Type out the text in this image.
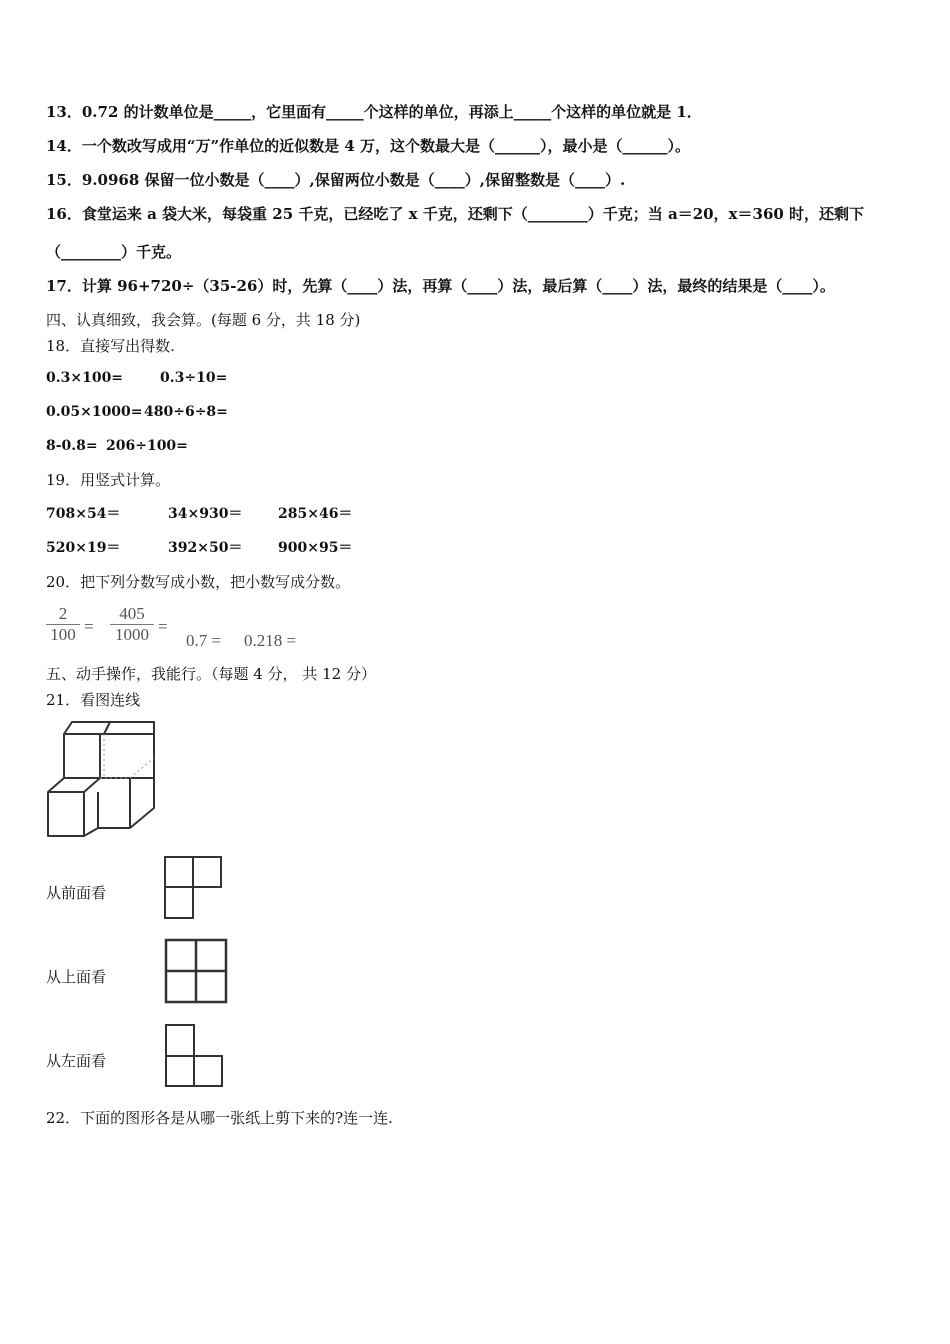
13．0.72 的计数单位是_____，它里面有_____个这样的单位，再添上_____个这样的单位就是 1．
14．一个数改写成用“万”作单位的近似数是 4 万，这个数最大是（______），最小是（______）。
15．9.0968 保留一位小数是（____）,保留两位小数是（____）,保留整数是（____）.
16．食堂运来 a 袋大米，每袋重 25 千克，已经吃了 x 千克，还剩下（________）千克；当 a＝20，x＝360 时，还剩下
（________）千克。
17．计算 96+720÷（35-26）时，先算（____）法，再算（____）法，最后算（____）法，最终的结果是（____）。
四、认真细致，我会算。(每题 6 分，共 18 分)
18．直接写出得数.
0.3×100=	0.3÷10=
0.05×1000= 480÷6÷8=
8-0.8= 206÷100=
19．用竖式计算。
708×54＝	34×930＝	285×46＝
520×19＝	392×50＝	900×95＝
20．把下列分数写成小数，把小数写成分数。
2
100 =
405
1000 =
0.7 = 0.218 =
五、动手操作，我能行。（每题 4 分， 共 12 分）
21．看图连线
从前面看
从上面看
从左面看
22．下面的图形各是从哪一张纸上剪下来的?连一连.
